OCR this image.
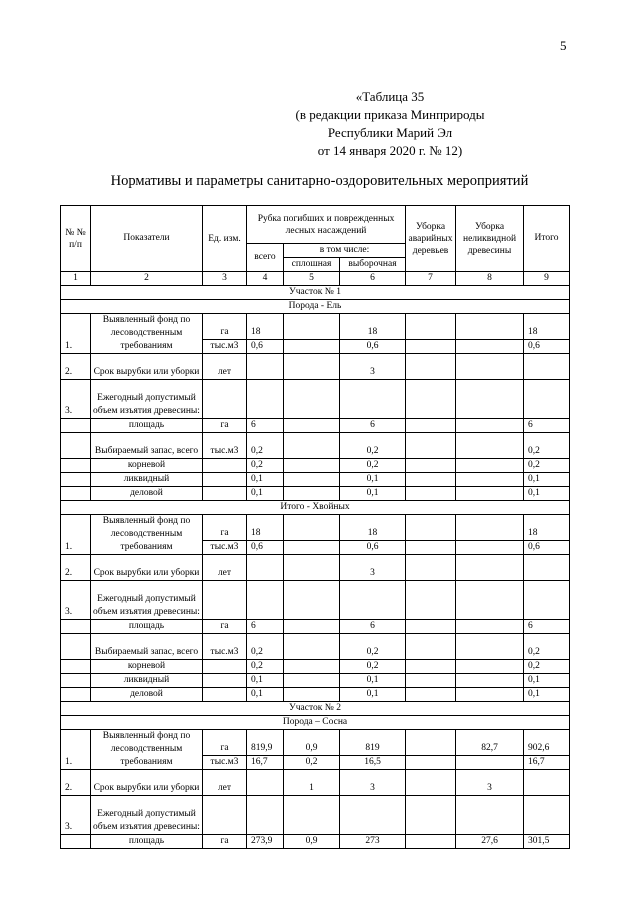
5
«Таблица 35
(в редакции приказа Минприроды
Республики Марий Эл
от 14 января 2020 г. № 12)
Нормативы и параметры санитарно-оздоровительных мероприятий
№ № п/п	Показатели	Ед. изм.	Рубка погибших и поврежденных лесных насаждений			Уборка аварийных деревьев	Уборка неликвидной древесины	Итого
			всего	в том числе:				
				сплошная	выборочная			
1	2	3	4	5	6	7	8	9
Участок № 1								
Порода - Ель								
1.	Выявленный фонд по лесоводственным требованиям	га	18		18			18
		тыс.м3	0,6		0,6			0,6
2.	Срок вырубки или уборки	лет			3			
3.	Ежегодный допустимый объем изъятия древесины:							
	площадь	га	6		6			6
	Выбираемый запас, всего	тыс.м3	0,2		0,2			0,2
	корневой		0,2		0,2			0,2
	ликвидный		0,1		0,1			0,1
	деловой		0,1		0,1			0,1
Итого - Хвойных								
1.	Выявленный фонд по лесоводственным требованиям	га	18		18			18
		тыс.м3	0,6		0,6			0,6
2.	Срок вырубки или уборки	лет			3			
3.	Ежегодный допустимый объем изъятия древесины:							
	площадь	га	6		6			6
	Выбираемый запас, всего	тыс.м3	0,2		0,2			0,2
	корневой		0,2		0,2			0,2
	ликвидный		0,1		0,1			0,1
	деловой		0,1		0,1			0,1
Участок № 2								
Порода – Сосна								
1.	Выявленный фонд по лесоводственным требованиям	га	819,9	0,9	819		82,7	902,6
		тыс.м3	16,7	0,2	16,5			16,7
2.	Срок вырубки или уборки	лет		1	3		3	
3.	Ежегодный допустимый объем изъятия древесины:							
	площадь	га	273,9	0,9	273		27,6	301,5
